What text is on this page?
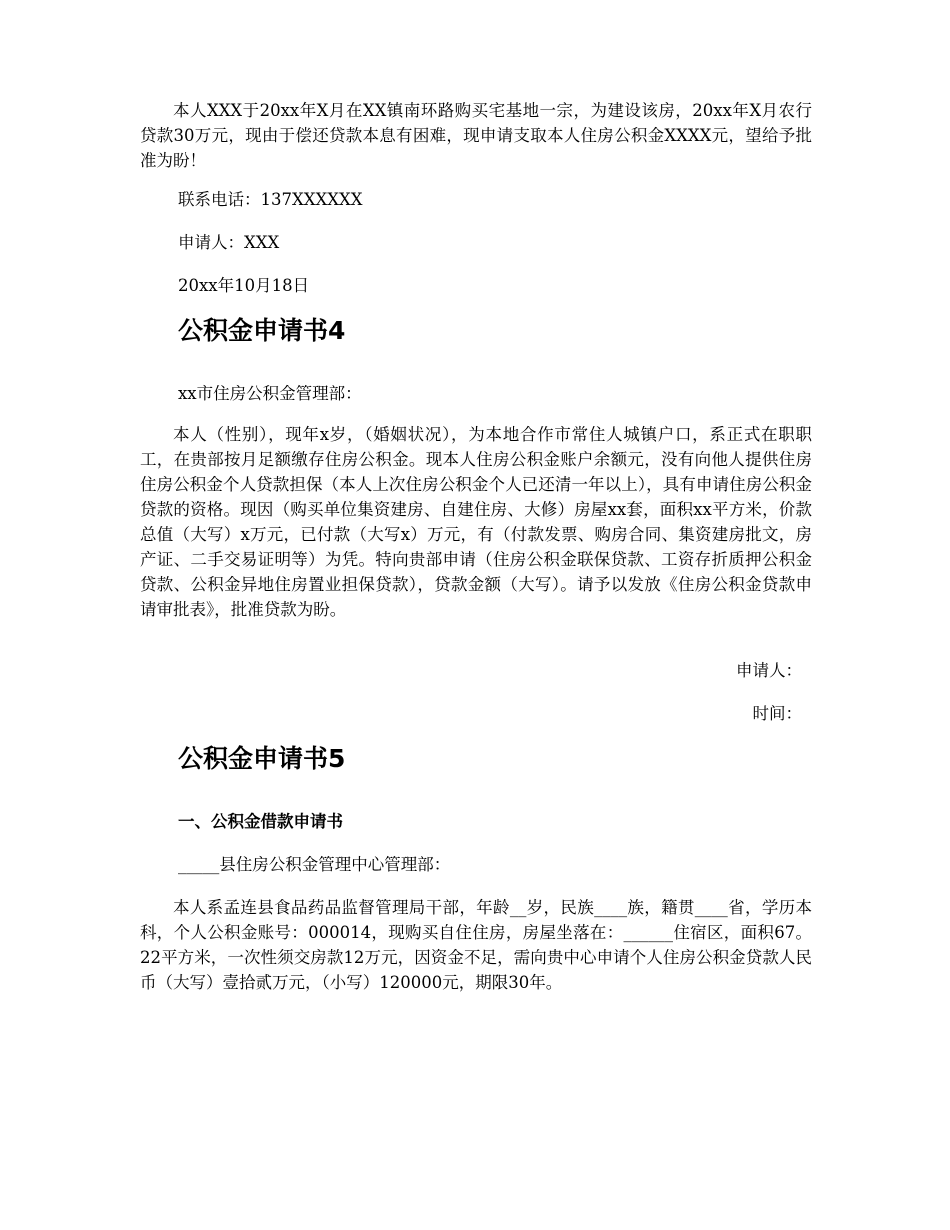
本人XXX于20xx年X月在XX镇南环路购买宅基地一宗，为建设该房，20xx年X月农行贷款30万元，现由于偿还贷款本息有困难，现申请支取本人住房公积金XXXX元，望给予批准为盼！

联系电话：137XXXXXX

申请人：XXX

20xx年10月18日

公积金申请书4

xx市住房公积金管理部：

本人（性别），现年x岁，（婚姻状况），为本地合作市常住人城镇户口，系正式在职职工，在贵部按月足额缴存住房公积金。现本人住房公积金账户余额元，没有向他人提供住房住房公积金个人贷款担保（本人上次住房公积金个人已还清一年以上），具有申请住房公积金贷款的资格。现因（购买单位集资建房、自建住房、大修）房屋xx套，面积xx平方米，价款总值（大写）x万元，已付款（大写x）万元，有（付款发票、购房合同、集资建房批文，房产证、二手交易证明等）为凭。特向贵部申请（住房公积金联保贷款、工资存折质押公积金贷款、公积金异地住房置业担保贷款），贷款金额（大写）。请予以发放《住房公积金贷款申请审批表》，批准贷款为盼。

申请人：

时间：

公积金申请书5

一、公积金借款申请书

_____县住房公积金管理中心管理部：

本人系孟连县食品药品监督管理局干部，年龄__岁，民族____族，籍贯____省，学历本科，个人公积金账号：000014，现购买自住住房，房屋坐落在：______住宿区，面积67。22平方米，一次性须交房款12万元，因资金不足，需向贵中心申请个人住房公积金贷款人民币（大写）壹拾贰万元，（小写）120000元，期限30年。
